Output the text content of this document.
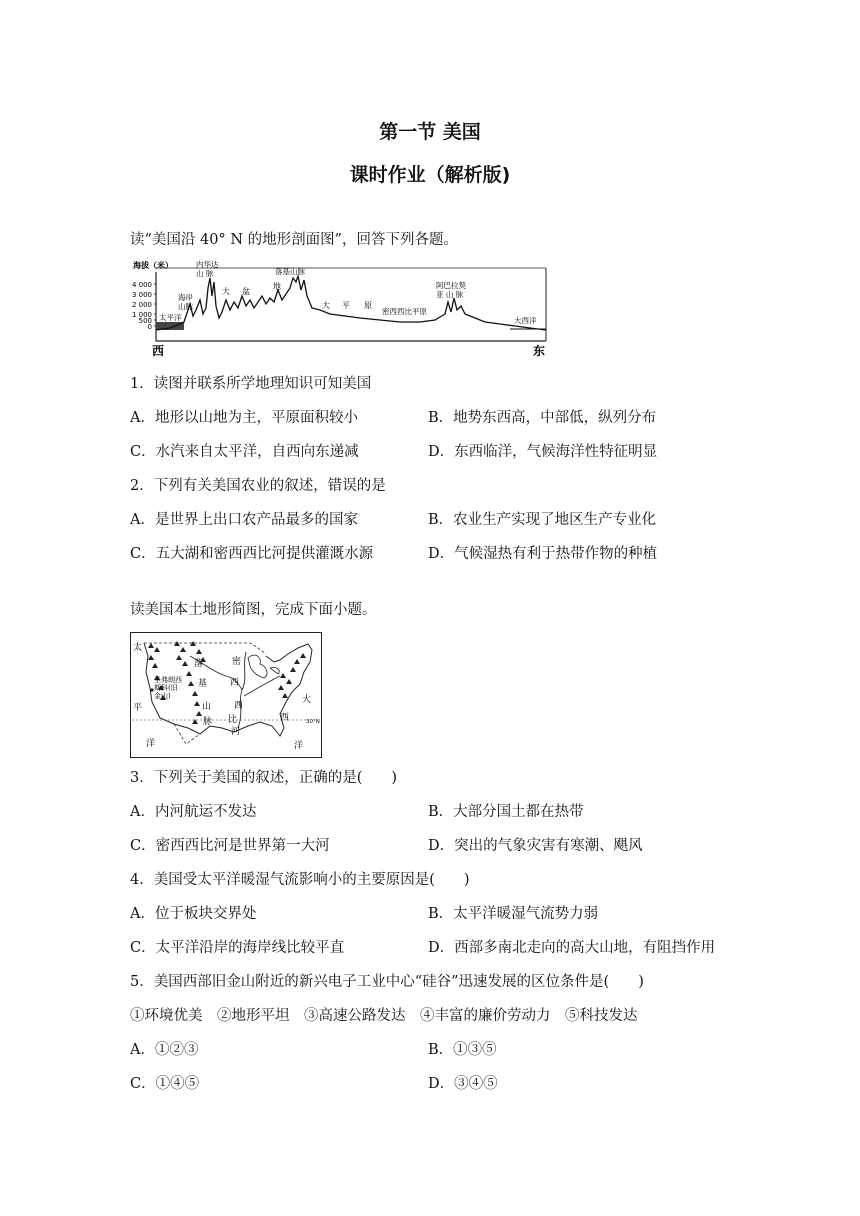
第一节 美国
课时作业（解析版)
读“美国沿 40° N 的地形剖面图”，回答下列各题。
海拔（米）
4 000
3 000
2 000
1 000
500
0
太平洋
海岸
山脉
内华达
山 脉
大 盆
地
落基山脉
大 平 原
密西西比平原
阿巴拉契
亚 山 脉
大西洋
西	东
1．读图并联系所学地理知识可知美国
A．地形以山地为主，平原面积较小	B．地势东西高，中部低，纵列分布
C．水汽来自太平洋，自西向东递减	D．东西临洋，气候海洋性特征明显
2．下列有关美国农业的叙述，错误的是
A．是世界上出口农产品最多的国家	B．农业生产实现了地区生产专业化
C．五大湖和密西西比河提供灌溉水源	D．气候湿热有利于热带作物的种植
读美国本土地形简图，完成下面小题。
太
平
洋
圣弗朗西
斯科(旧
金山)
落
基
山
脉
密
西
西
比
河
大
西
洋
30°N
3．下列关于美国的叙述，正确的是(　　)
A．内河航运不发达	B．大部分国土都在热带
C．密西西比河是世界第一大河	D．突出的气象灾害有寒潮、飓风
4．美国受太平洋暖湿气流影响小的主要原因是(　　)
A．位于板块交界处	B．太平洋暖湿气流势力弱
C．太平洋沿岸的海岸线比较平直	D．西部多南北走向的高大山地，有阻挡作用
5．美国西部旧金山附近的新兴电子工业中心“硅谷”迅速发展的区位条件是(　　)
①环境优美　②地形平坦　③高速公路发达　④丰富的廉价劳动力　⑤科技发达
A．①②③	B．①③⑤
C．①④⑤	D．③④⑤
